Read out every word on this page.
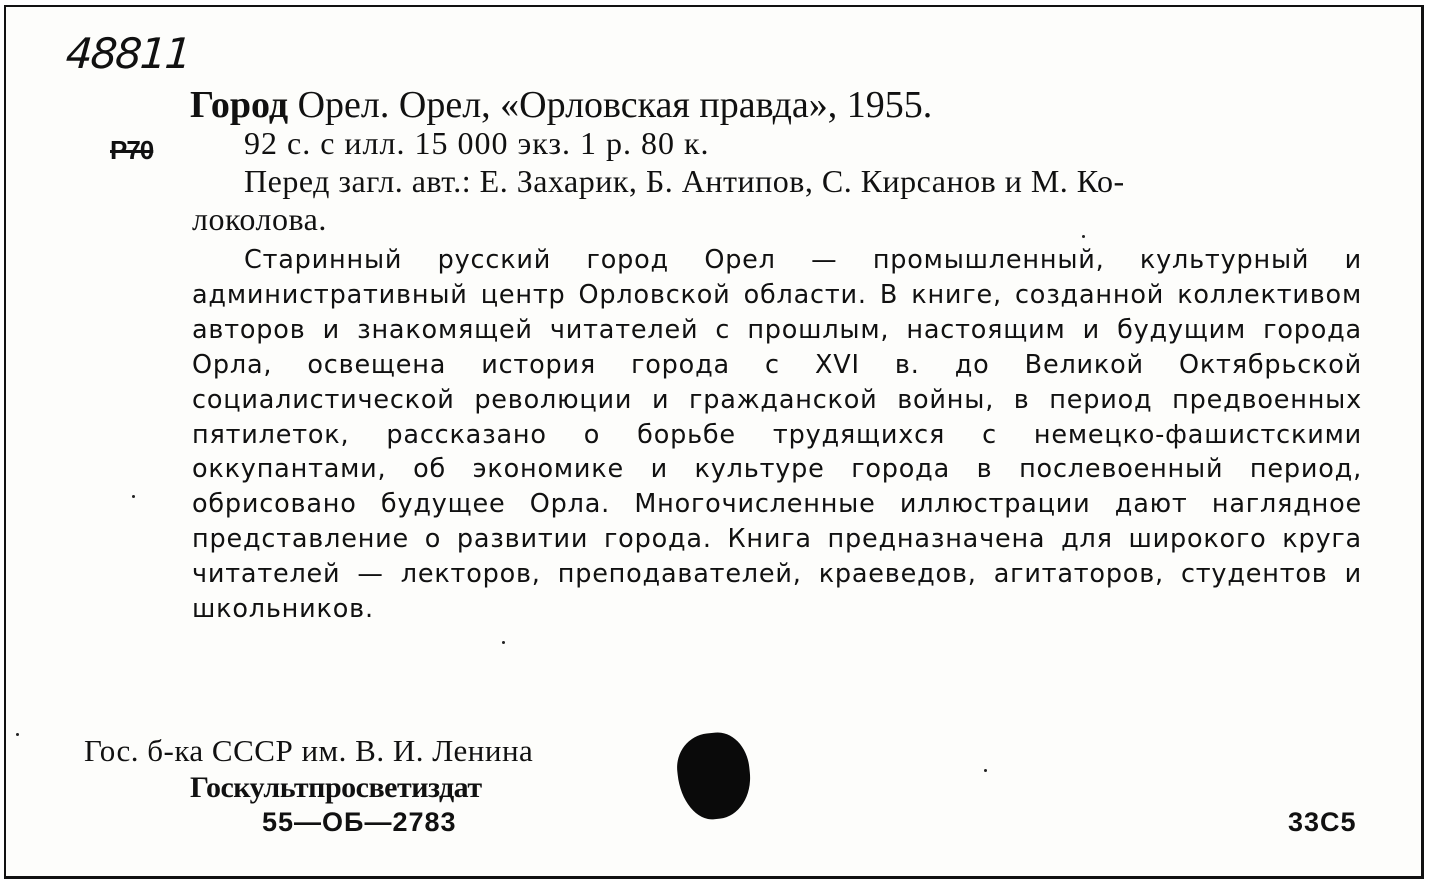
48811
Город Орел. Орел, «Орловская правда», 1955.
Р70	92 с. с илл. 15 000 экз. 1 р. 80 к.
Перед загл. авт.: Е. Захарик, Б. Антипов, С. Кирсанов и М. Ко-
локолова.
Старинный русский город Орел — промышленный, культурный и административный центр Орловской области. В книге, созданной коллективом авторов и знакомящей читателей с прошлым, настоящим и будущим города Орла, освещена история города с XVI в. до Великой Октябрьской социалистической революции и гражданской войны, в период предвоенных пятилеток, рассказано о борьбе трудящихся с немецко-фашистскими оккупантами, об экономике и культуре города в послевоенный период, обрисовано будущее Орла. Многочисленные иллюстрации дают наглядное представление о развитии города. Книга предназначена для широкого круга читателей — лекторов, преподавателей, краеведов, агитаторов, студентов и школьников.
Гос. б-ка СССР им. В. И. Ленина
Госкультпросветиздат
55—ОБ—2783	33С5
